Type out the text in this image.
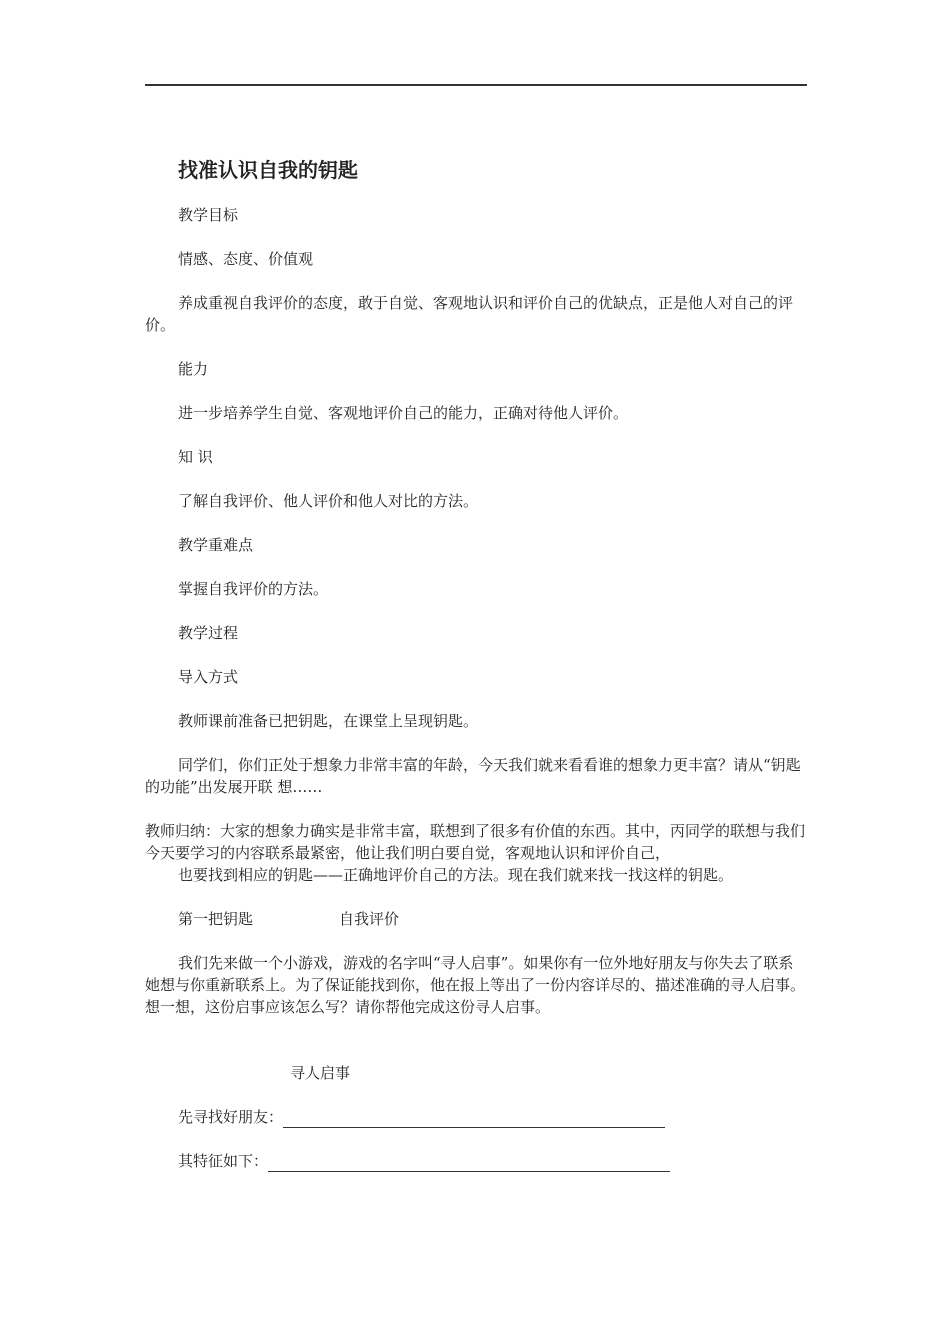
找准认识自我的钥匙

教学目标

情感、态度、价值观

养成重视自我评价的态度，敢于自觉、客观地认识和评价自己的优缺点，正是他人对自己的评价。

能力

进一步培养学生自觉、客观地评价自己的能力，正确对待他人评价。

知 识

了解自我评价、他人评价和他人对比的方法。

教学重难点

掌握自我评价的方法。

教学过程

导入方式

教师课前准备已把钥匙，在课堂上呈现钥匙。

同学们，你们正处于想象力非常丰富的年龄，今天我们就来看看谁的想象力更丰富？请从“钥匙的功能”出发展开联 想……

教师归纳：大家的想象力确实是非常丰富，联想到了很多有价值的东西。其中，丙同学的联想与我们今天要学习的内容联系最紧密，他让我们明白要自觉，客观地认识和评价自己，

也要找到相应的钥匙——正确地评价自己的方法。现在我们就来找一找这样的钥匙。

第一把钥匙	自我评价

我们先来做一个小游戏，游戏的名字叫“寻人启事”。如果你有一位外地好朋友与你失去了联系她想与你重新联系上。为了保证能找到你，他在报上等出了一份内容详尽的、描述准确的寻人启事。想一想，这份启事应该怎么写？请你帮他完成这份寻人启事。

寻人启事
先寻找好朋友：
其特征如下：
